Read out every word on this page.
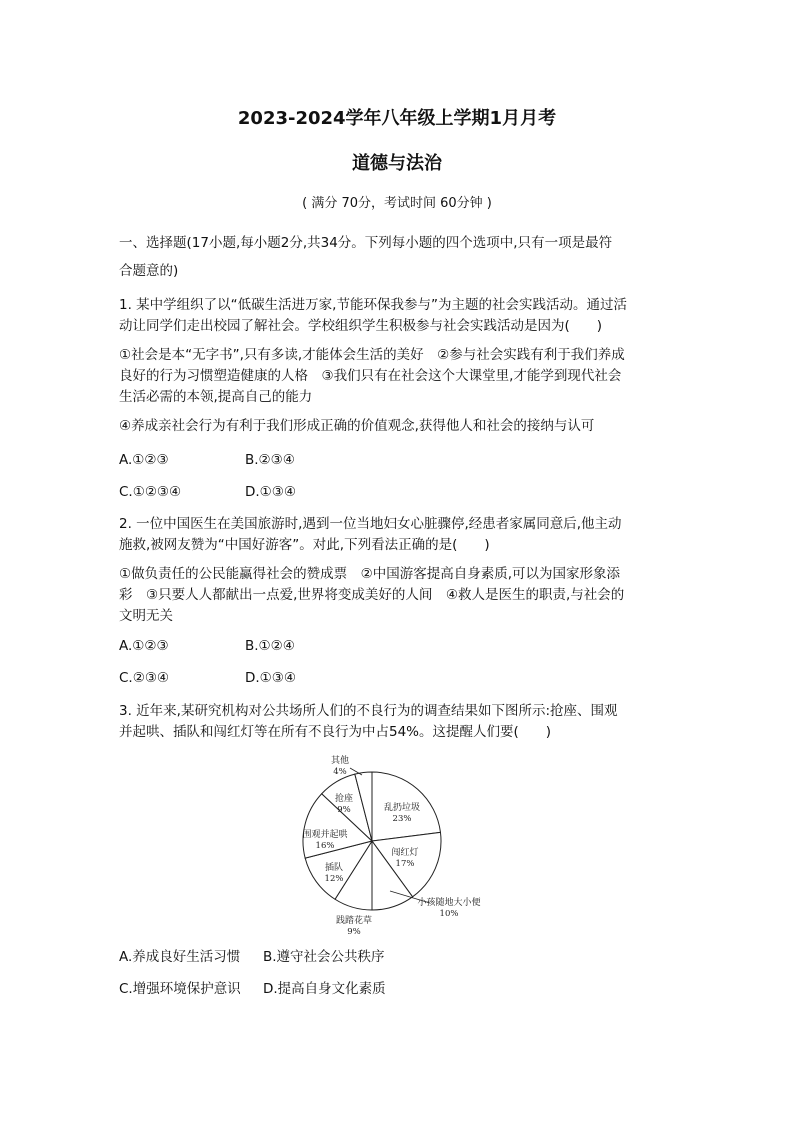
2023-2024学年八年级上学期1月月考
道德与法治
( 满分 70分，考试时间 60分钟 )
一、选择题(17小题,每小题2分,共34分。下列每小题的四个选项中,只有一项是最符
合题意的)
1. 某中学组织了以“低碳生活进万家,节能环保我参与”为主题的社会实践活动。通过活
动让同学们走出校园了解社会。学校组织学生积极参与社会实践活动是因为(　　)
①社会是本“无字书”,只有多读,才能体会生活的美好　②参与社会实践有利于我们养成
良好的行为习惯塑造健康的人格　③我们只有在社会这个大课堂里,才能学到现代社会
生活必需的本领,提高自己的能力
④养成亲社会行为有利于我们形成正确的价值观念,获得他人和社会的接纳与认可
A.①②③	B.②③④
C.①②③④	D.①③④
2. 一位中国医生在美国旅游时,遇到一位当地妇女心脏骤停,经患者家属同意后,他主动
施救,被网友赞为“中国好游客”。对此,下列看法正确的是(　　)
①做负责任的公民能赢得社会的赞成票　②中国游客提高自身素质,可以为国家形象添
彩　③只要人人都献出一点爱,世界将变成美好的人间　④救人是医生的职责,与社会的
文明无关
A.①②③	B.①②④
C.②③④	D.①③④
3. 近年来,某研究机构对公共场所人们的不良行为的调查结果如下图所示:抢座、围观
并起哄、插队和闯红灯等在所有不良行为中占54%。这提醒人们要(　　)
乱扔垃圾
23%
闯红灯
17%
小孩随地大小便
10%
践踏花草
9%
插队
12%
围观并起哄
16%
抢座
9%
其他
4%
A.养成良好生活习惯 B.遵守社会公共秩序
C.增强环境保护意识 D.提高自身文化素质
